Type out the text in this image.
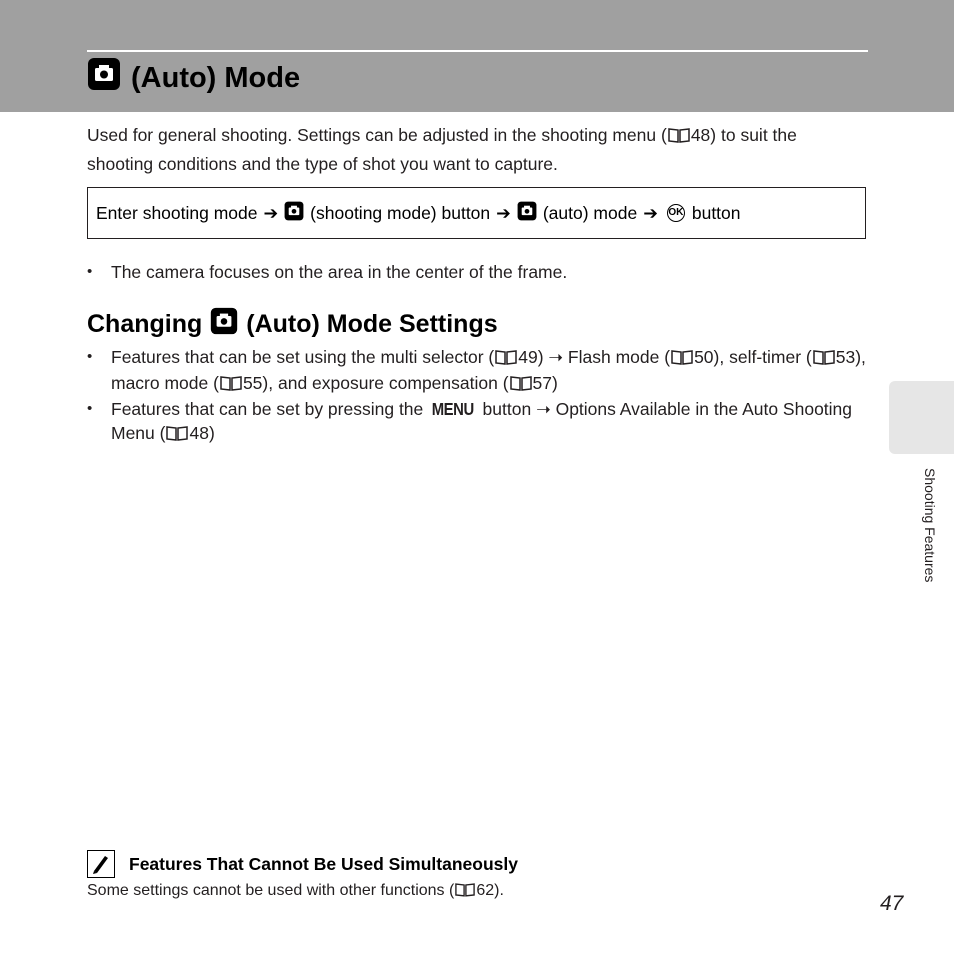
(Auto) Mode
Used for general shooting. Settings can be adjusted in the shooting menu ( 48) to suit the shooting conditions and the type of shot you want to capture.
Enter shooting mode ➔ (shooting mode) button ➔ (auto) mode ➔ OK button
• The camera focuses on the area in the center of the frame.
Changing (Auto) Mode Settings
• Features that can be set using the multi selector ( 49) ➝ Flash mode ( 50), self-timer ( 53), macro mode ( 55), and exposure compensation ( 57)
• Features that can be set by pressing the MENU button ➝ Options Available in the Auto Shooting Menu ( 48)
Shooting Features
Features That Cannot Be Used Simultaneously
Some settings cannot be used with other functions ( 62).
47
